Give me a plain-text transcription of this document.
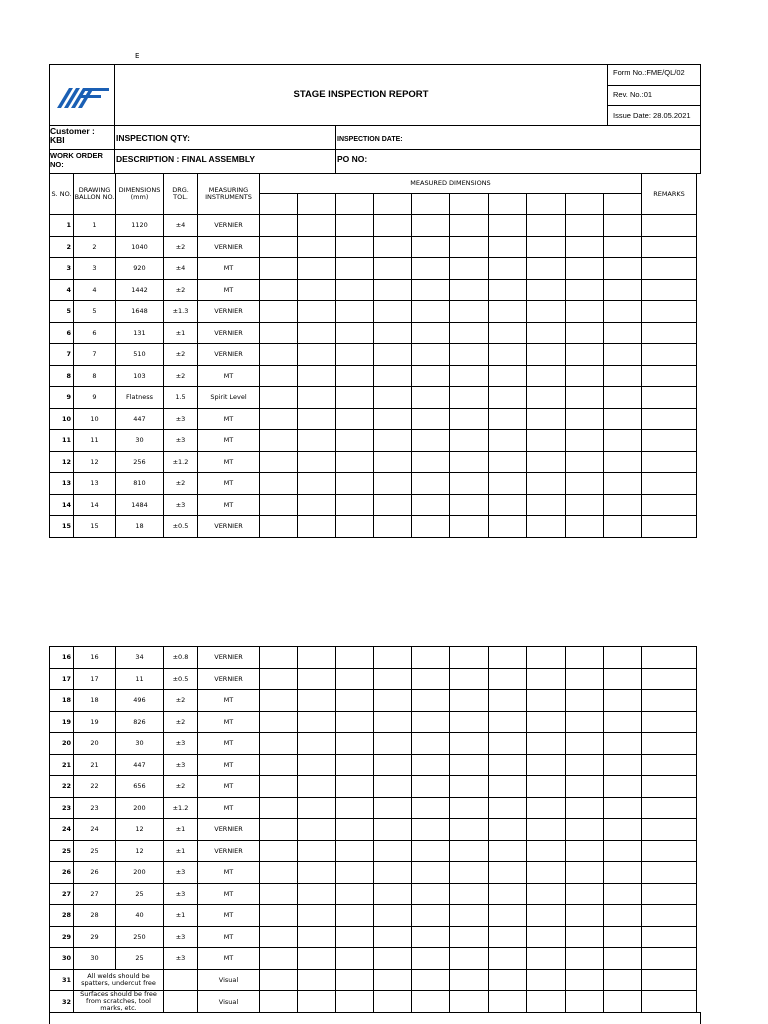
E
STAGE INSPECTION REPORT
Form No.:FME/QL/02
Rev. No.:01
Issue Date: 28.05.2021
Customer :
KBI	INSPECTION QTY:	INSPECTION DATE:
WORK ORDER NO:
DESCRIPTION : FINAL ASSEMBLY	PO NO:
S. NO.	DRAWING BALLON NO.	DIMENSIONS (mm)	DRG. TOL.	MEASURING INSTRUMENTS	MEASURED DIMENSIONS										REMARKS

1	1	1120	±4	VERNIER											
2	2	1040	±2	VERNIER											
3	3	920	±4	MT											
4	4	1442	±2	MT											
5	5	1648	±1.3	VERNIER											
6	6	131	±1	VERNIER											
7	7	510	±2	VERNIER											
8	8	103	±2	MT											
9	9	Flatness	1.5	Spirit Level											
10	10	447	±3	MT											
11	11	30	±3	MT											
12	12	256	±1.2	MT											
13	13	810	±2	MT											
14	14	1484	±3	MT											
15	15	18	±0.5	VERNIER											
16	16	34	±0.8	VERNIER											
17	17	11	±0.5	VERNIER											
18	18	496	±2	MT											
19	19	826	±2	MT											
20	20	30	±3	MT											
21	21	447	±3	MT											
22	22	656	±2	MT											
23	23	200	±1.2	MT											
24	24	12	±1	VERNIER											
25	25	12	±1	VERNIER											
26	26	200	±3	MT											
27	27	25	±3	MT											
28	28	40	±1	MT											
29	29	250	±3	MT											
30	30	25	±3	MT											
31	All welds should be spatters, undercut free			Visual											
32	Surfaces should be free from scratches, tool marks, etc.			Visual											
